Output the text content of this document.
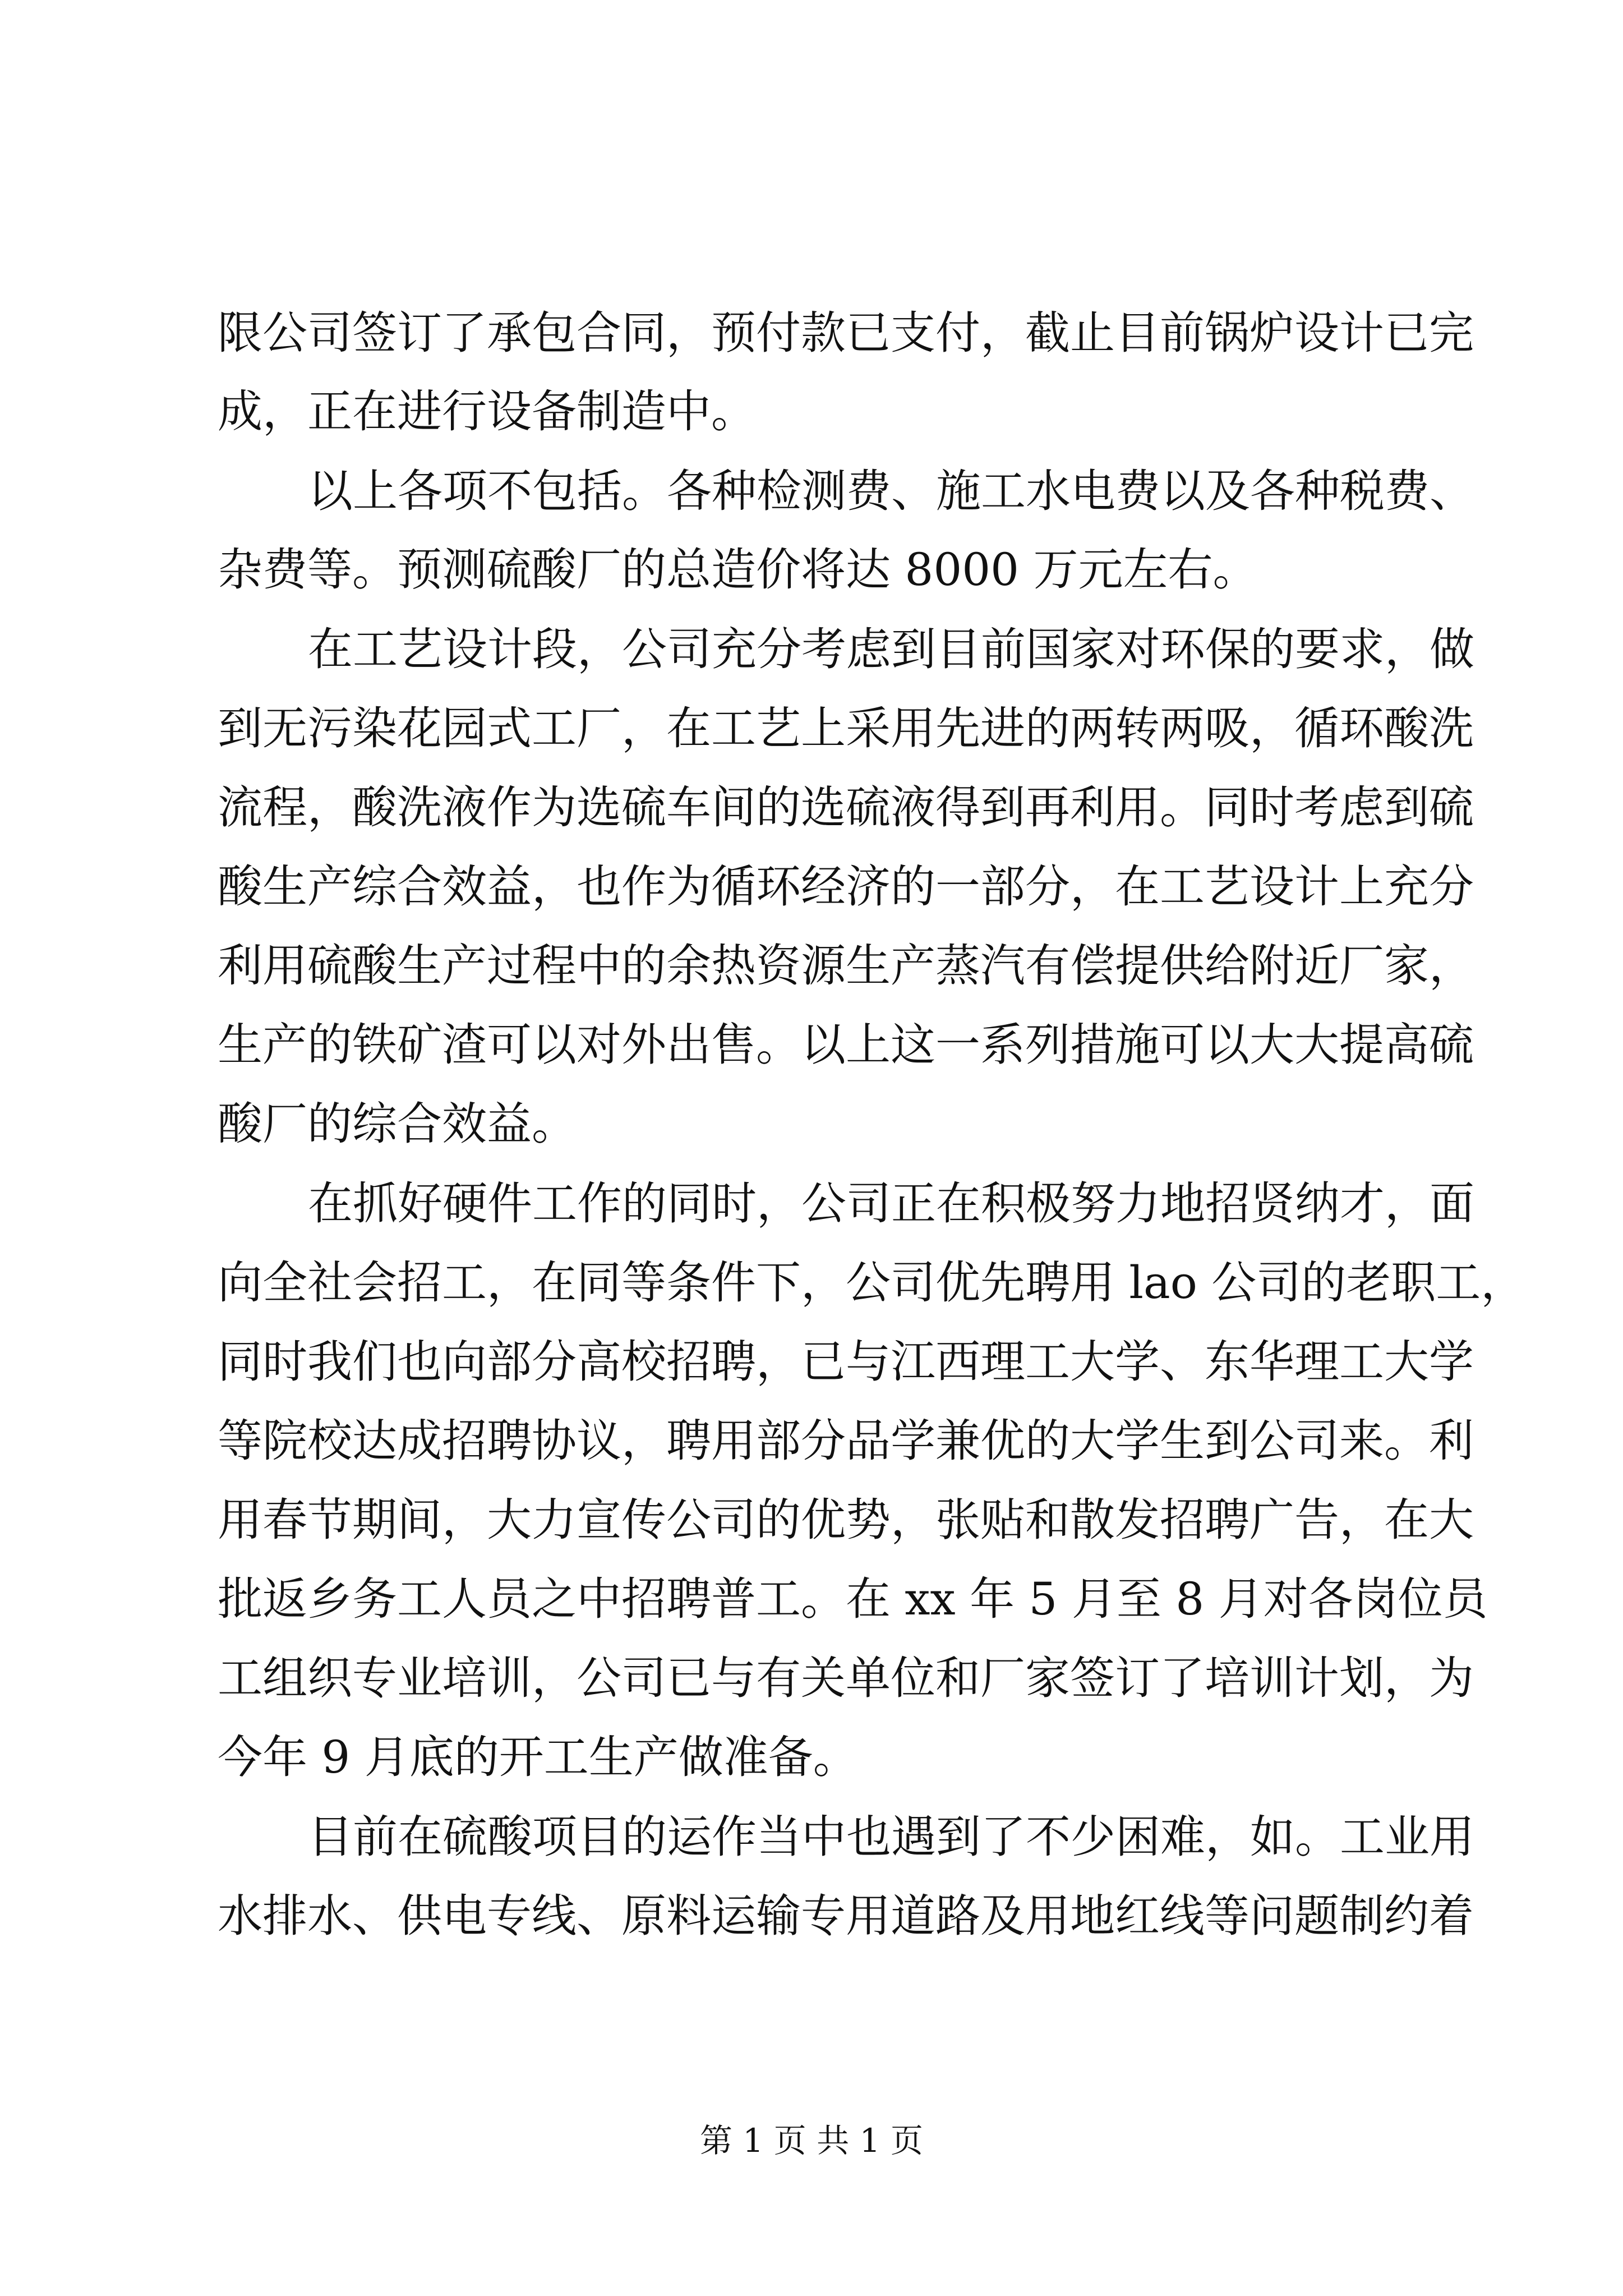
限公司签订了承包合同，预付款已支付，截止目前锅炉设计已完
成，正在进行设备制造中。
以上各项不包括。各种检测费、施工水电费以及各种税费、
杂费等。预测硫酸厂的总造价将达 8000 万元左右。
在工艺设计段，公司充分考虑到目前国家对环保的要求，做
到无污染花园式工厂，在工艺上采用先进的两转两吸，循环酸洗
流程，酸洗液作为选硫车间的选硫液得到再利用。同时考虑到硫
酸生产综合效益，也作为循环经济的一部分，在工艺设计上充分
利用硫酸生产过程中的余热资源生产蒸汽有偿提供给附近厂家，
生产的铁矿渣可以对外出售。以上这一系列措施可以大大提高硫
酸厂的综合效益。
在抓好硬件工作的同时，公司正在积极努力地招贤纳才，面
向全社会招工，在同等条件下，公司优先聘用 lao 公司的老职工，
同时我们也向部分高校招聘，已与江西理工大学、东华理工大学
等院校达成招聘协议，聘用部分品学兼优的大学生到公司来。利
用春节期间，大力宣传公司的优势，张贴和散发招聘广告，在大
批返乡务工人员之中招聘普工。在 xx 年 5 月至 8 月对各岗位员
工组织专业培训，公司已与有关单位和厂家签订了培训计划，为
今年 9 月底的开工生产做准备。
目前在硫酸项目的运作当中也遇到了不少困难，如。工业用
水排水、供电专线、原料运输专用道路及用地红线等问题制约着
第 1 页 共 1 页
